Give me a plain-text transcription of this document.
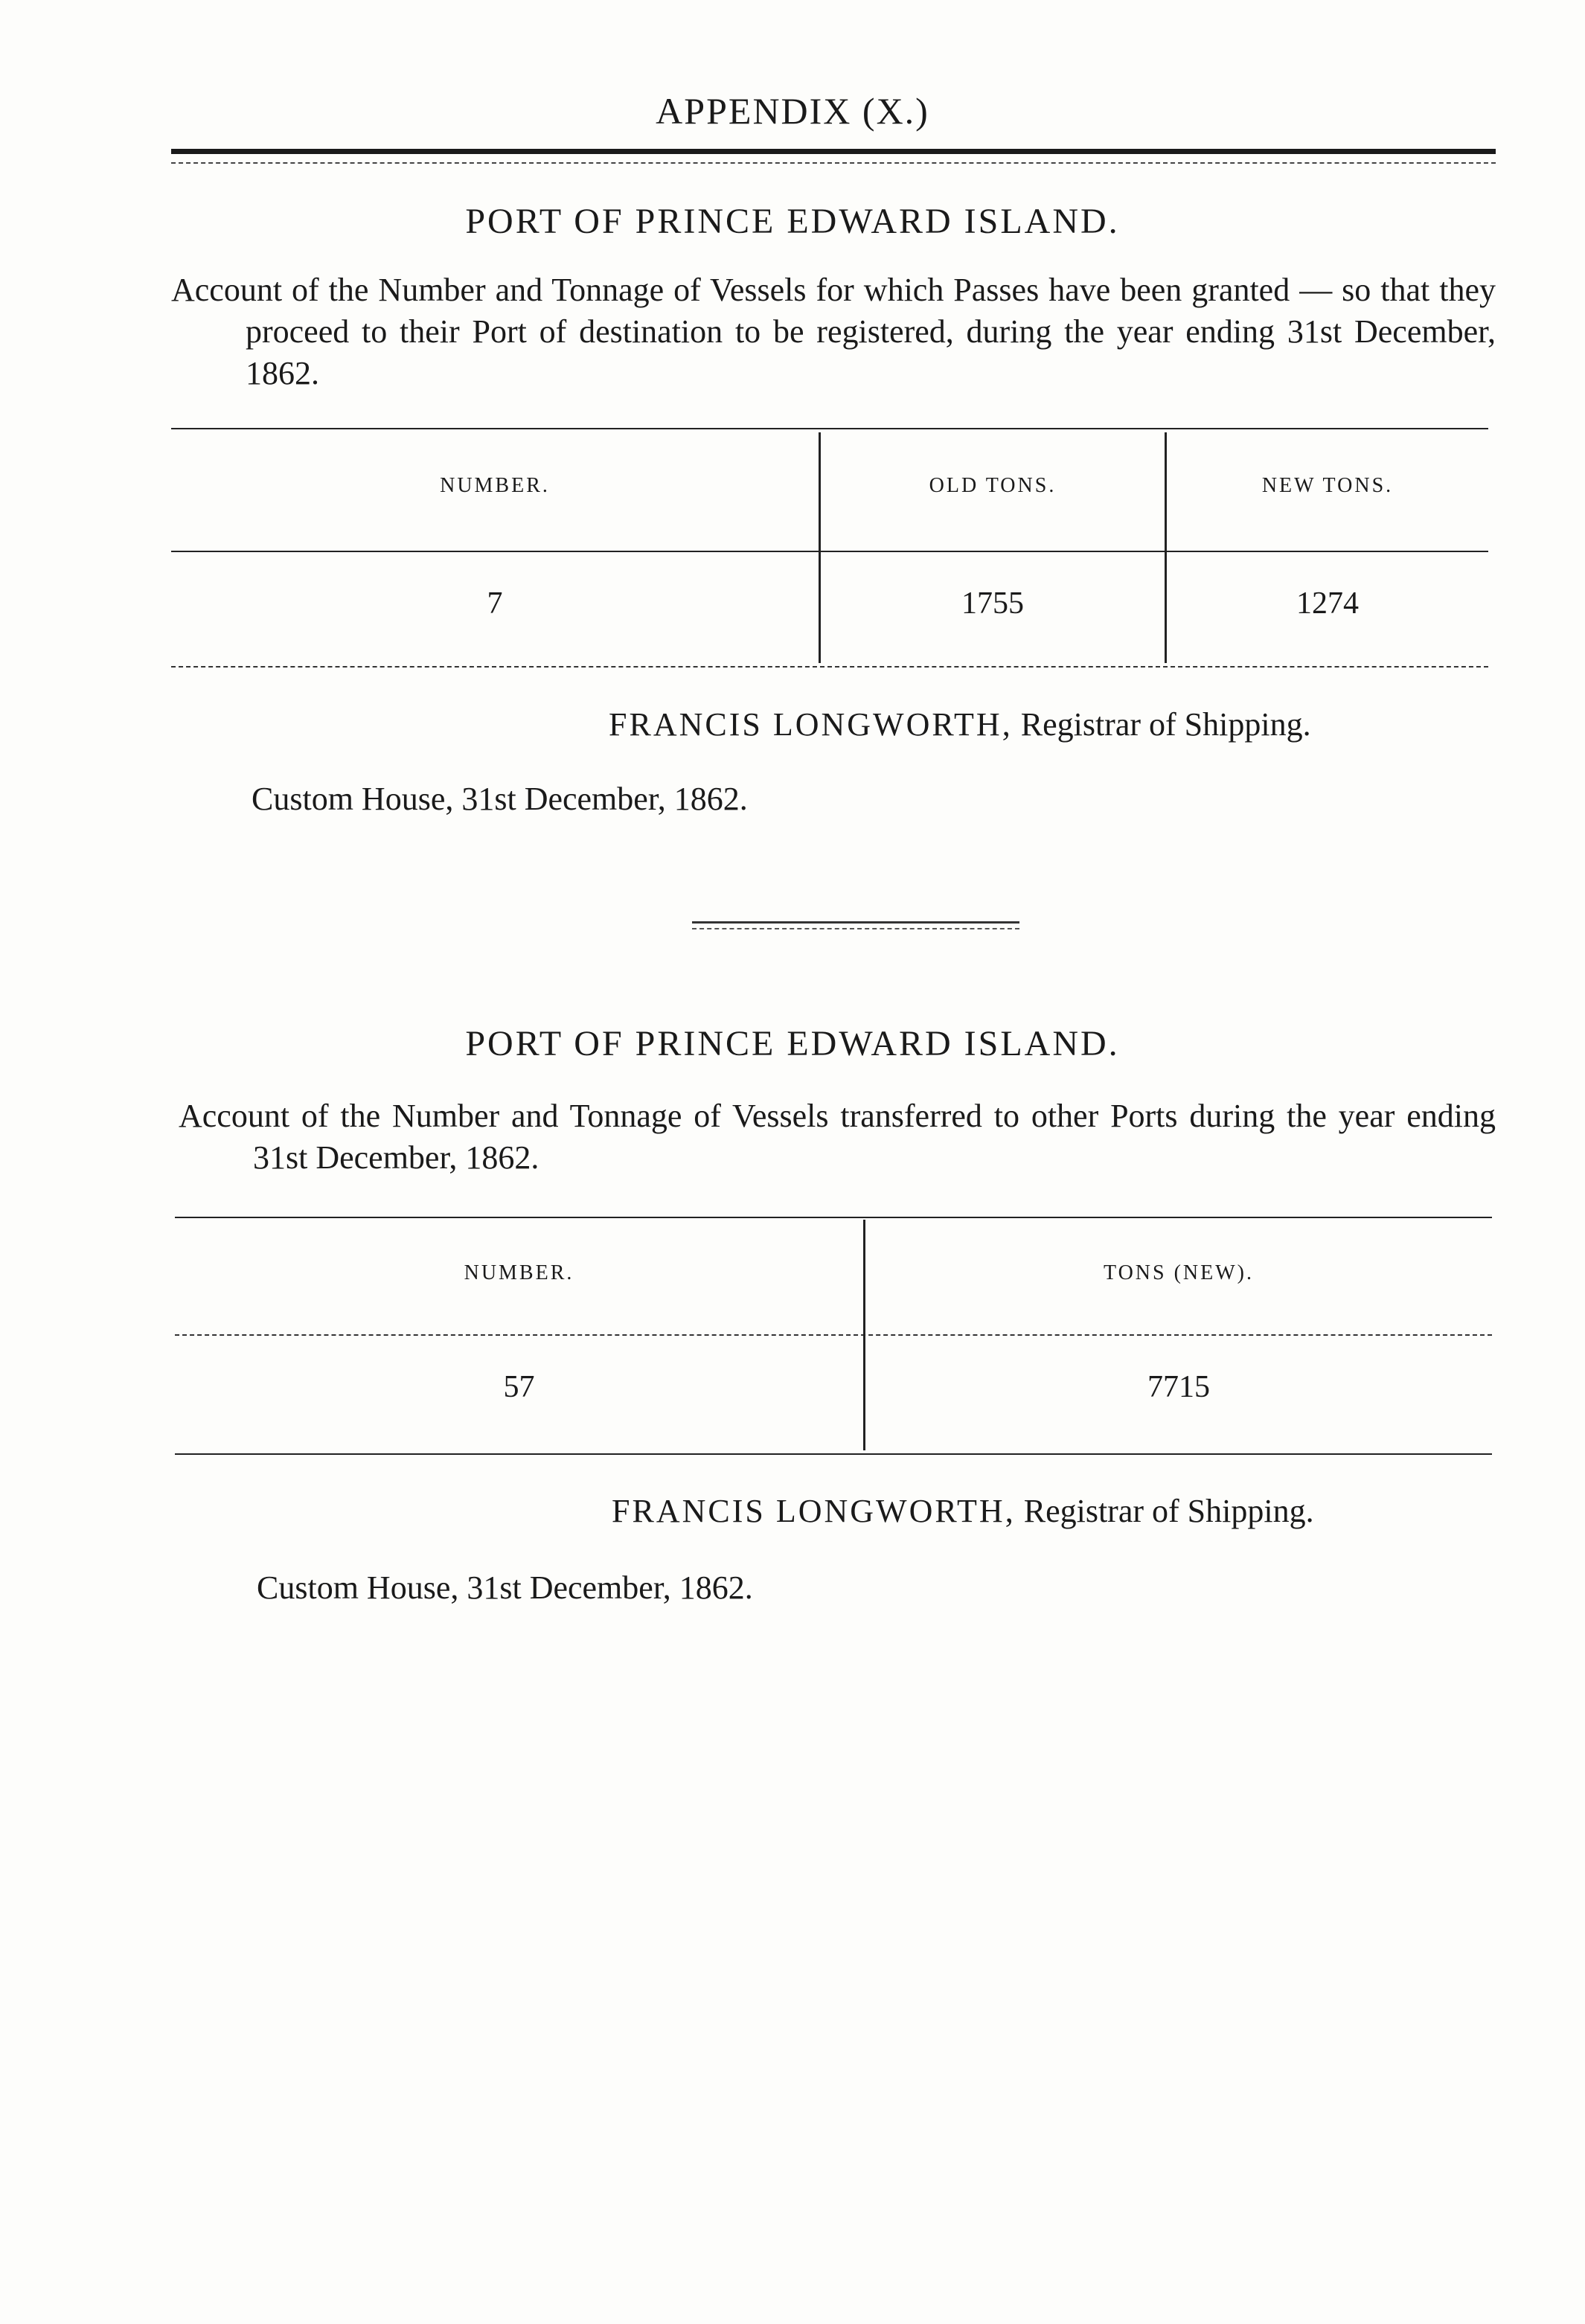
APPENDIX (X.)
PORT OF PRINCE EDWARD ISLAND.
Account of the Number and Tonnage of Vessels for which Passes have been granted — so that they proceed to their Port of destination to be registered, during the year ending 31st December, 1862.
NUMBER.	OLD TONS.	NEW TONS.
7	1755	1274
FRANCIS LONGWORTH, Registrar of Shipping.
Custom House, 31st December, 1862.
PORT OF PRINCE EDWARD ISLAND.
Account of the Number and Tonnage of Vessels transferred to other Ports during the year ending 31st December, 1862.
NUMBER.	TONS (NEW).
57	7715
FRANCIS LONGWORTH, Registrar of Shipping.
Custom House, 31st December, 1862.
